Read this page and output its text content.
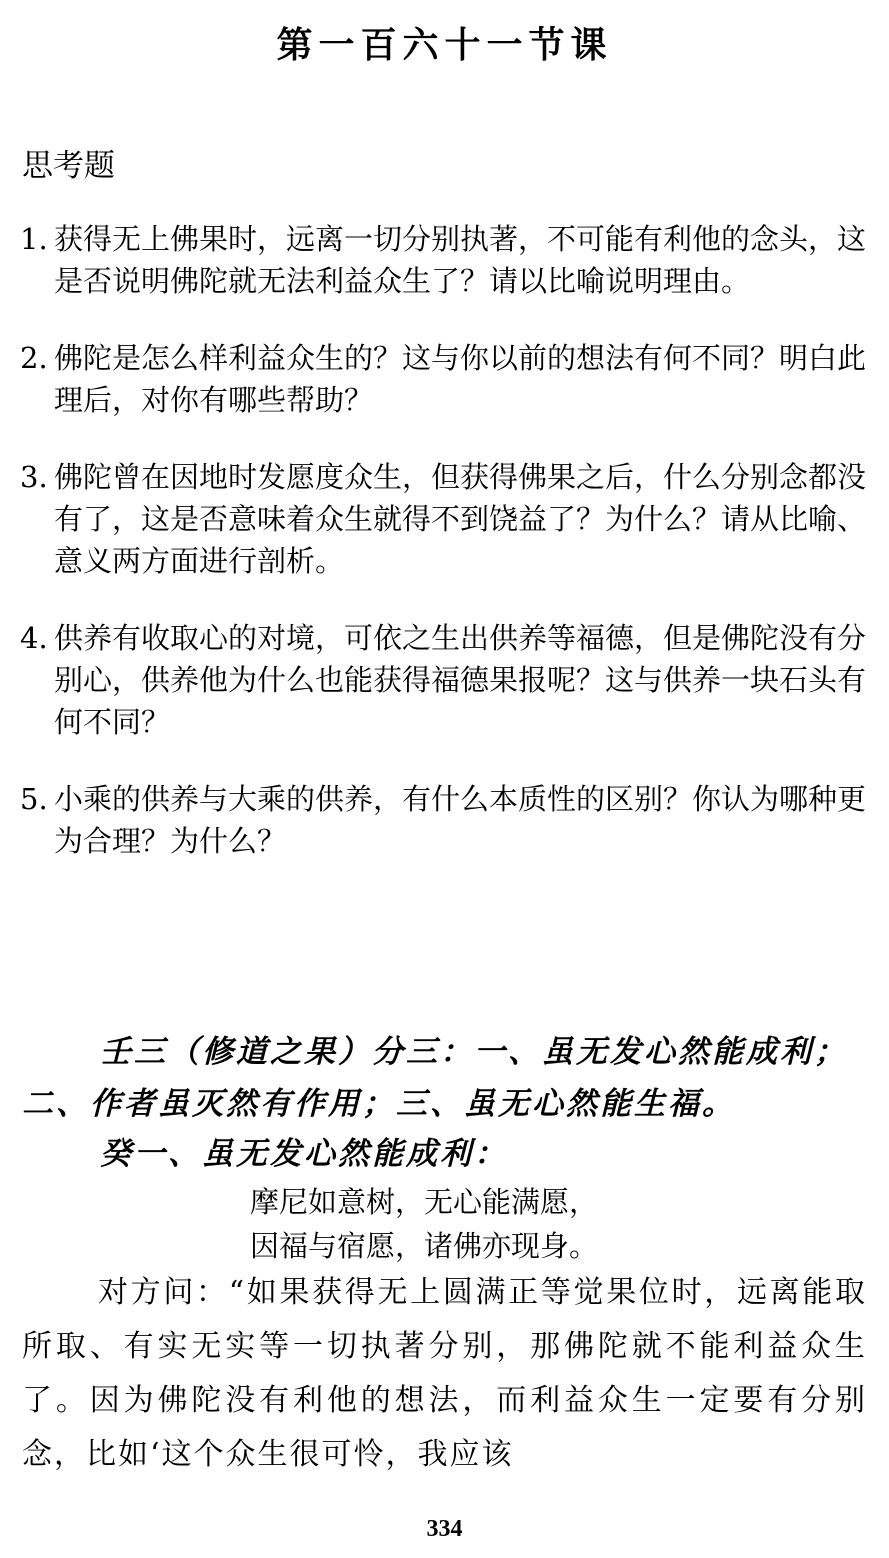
第一百六十一节课
思考题
1. 获得无上佛果时，远离一切分别执著，不可能有利他的念头，这是否说明佛陀就无法利益众生了？请以比喻说明理由。
2. 佛陀是怎么样利益众生的？这与你以前的想法有何不同？明白此理后，对你有哪些帮助？
3. 佛陀曾在因地时发愿度众生，但获得佛果之后，什么分别念都没有了，这是否意味着众生就得不到饶益了？为什么？请从比喻、意义两方面进行剖析。
4. 供养有收取心的对境，可依之生出供养等福德，但是佛陀没有分别心，供养他为什么也能获得福德果报呢？这与供养一块石头有何不同？
5. 小乘的供养与大乘的供养，有什么本质性的区别？你认为哪种更为合理？为什么？
壬三（修道之果）分三：一、虽无发心然能成利；
二、作者虽灭然有作用；三、虽无心然能生福。
癸一、虽无发心然能成利：
摩尼如意树，无心能满愿，
因福与宿愿，诸佛亦现身。
对方问：“如果获得无上圆满正等觉果位时，远离能取所取、有实无实等一切执著分别，那佛陀就不能利益众生了。因为佛陀没有利他的想法，而利益众生一定要有分别念，比如‘这个众生很可怜，我应该
334
